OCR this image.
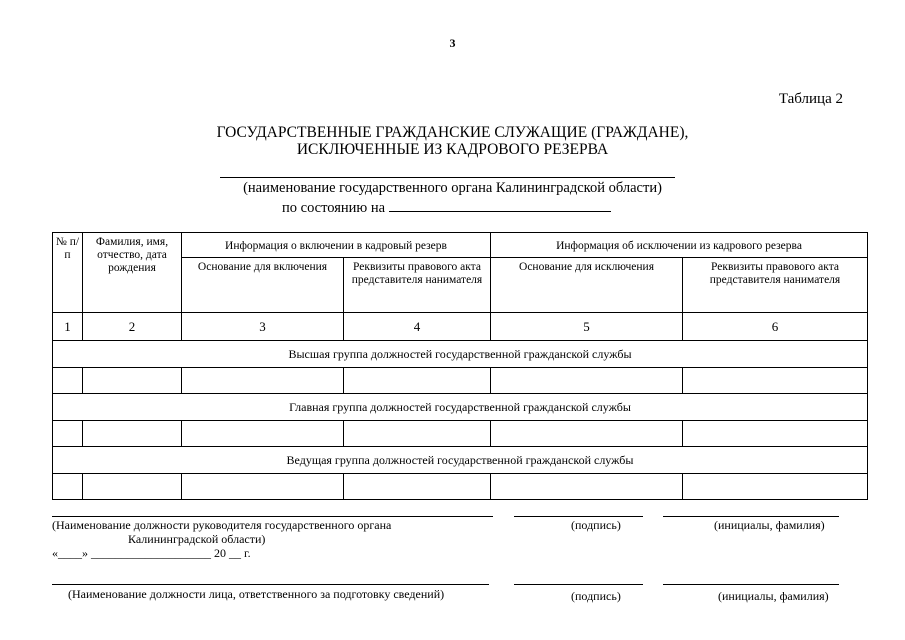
3
Таблица 2
ГОСУДАРСТВЕННЫЕ ГРАЖДАНСКИЕ СЛУЖАЩИЕ (ГРАЖДАНЕ),
ИСКЛЮЧЕННЫЕ ИЗ КАДРОВОГО РЕЗЕРВА
(наименование государственного органа Калининградской области)
по состоянию на
№ п/п	Фамилия, имя, отчество, дата рождения	Информация о включении в кадровый резерв		Информация об исключении из кадрового резерва	
		Основание для включения	Реквизиты правового акта представителя нанимателя	Основание для исключения	Реквизиты правового акта представителя нанимателя
1	2	3	4	5	6
Высшая группа должностей государственной гражданской службы					

Главная группа должностей государственной гражданской службы					

Ведущая группа должностей государственной гражданской службы					

(Наименование должности руководителя государственного органа
Калининградской области)
(подпись)	(инициалы, фамилия)
«____» ____________________ 20 __ г.
(Наименование должности лица, ответственного за подготовку сведений)	(подпись)	(инициалы, фамилия)
